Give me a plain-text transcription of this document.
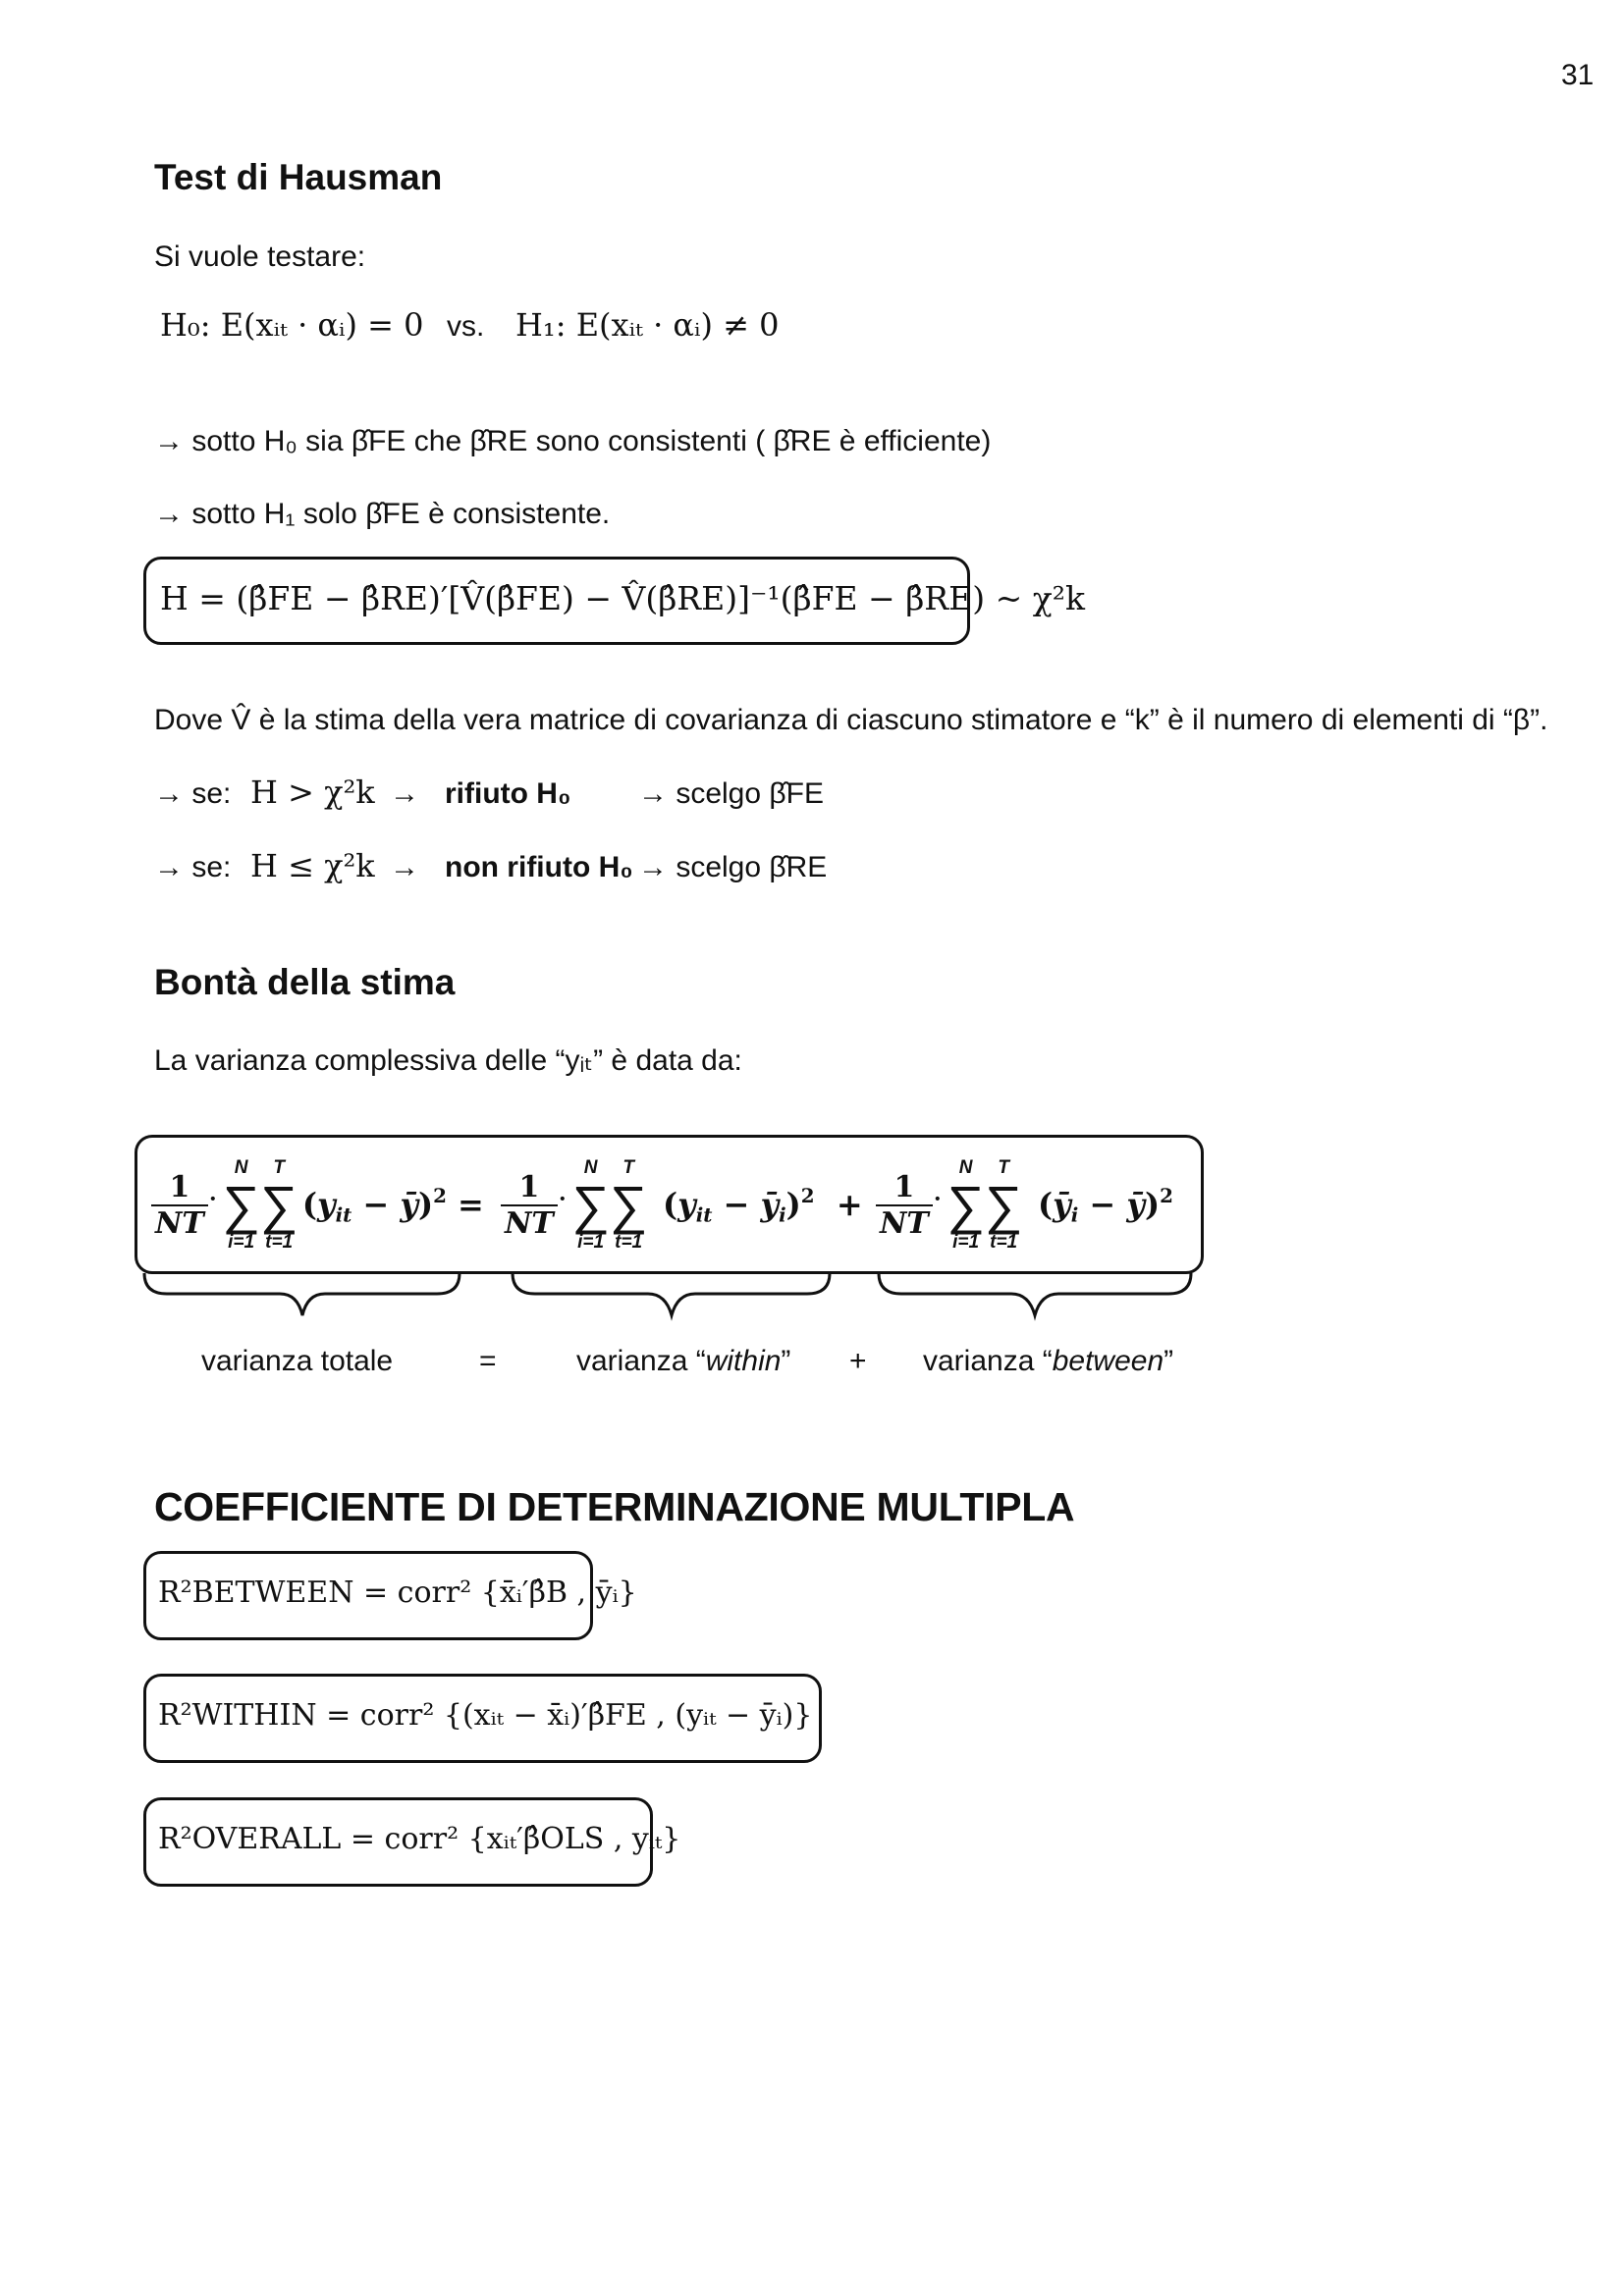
31
Test di Hausman
Si vuole testare:
H₀: E(xᵢₜ · αᵢ) = 0 vs. H₁: E(xᵢₜ · αᵢ) ≠ 0
→ sotto H₀ sia β̂FE che β̂RE sono consistenti ( β̂RE è efficiente)
→ sotto H₁ solo β̂FE è consistente.
H = (β̂FE − β̂RE)′[V̂(β̂FE) − V̂(β̂RE)]⁻¹(β̂FE − β̂RE) ~ χ²k
Dove V̂ è la stima della vera matrice di covarianza di ciascuno stimatore e “k” è il numero di elementi di “β”.
→ se: H > χ²k → rifiuto H₀ → scelgo β̂FE
→ se: H ≤ χ²k → non rifiuto H₀ → scelgo β̂RE
Bontà della stima
La varianza complessiva delle “yᵢₜ” è data da:
$\frac{1}{NT}$ ·
N
∑
i=1
T
∑
t=1
($y_{it}$ − ȳ)$^2$ = $\frac{1}{NT}$ ·
N
∑
i=1
T
∑
t=1
($y_{it}$ − $ȳ_i)^2 + \frac{1}{NT}$ ·
N
∑
i=1
T
∑
t=1
($ȳ_i$ − ȳ)$^2$
varianza totale	=	varianza “within” + varianza “between”
COEFFICIENTE DI DETERMINAZIONE MULTIPLA
R²BETWEEN = corr² {x̄ᵢ′β̂B , ȳᵢ}
R²WITHIN = corr² {(xᵢₜ − x̄ᵢ)′β̂FE , (yᵢₜ − ȳᵢ)}
R²OVERALL = corr² {xᵢₜ′β̂OLS , yᵢₜ}
